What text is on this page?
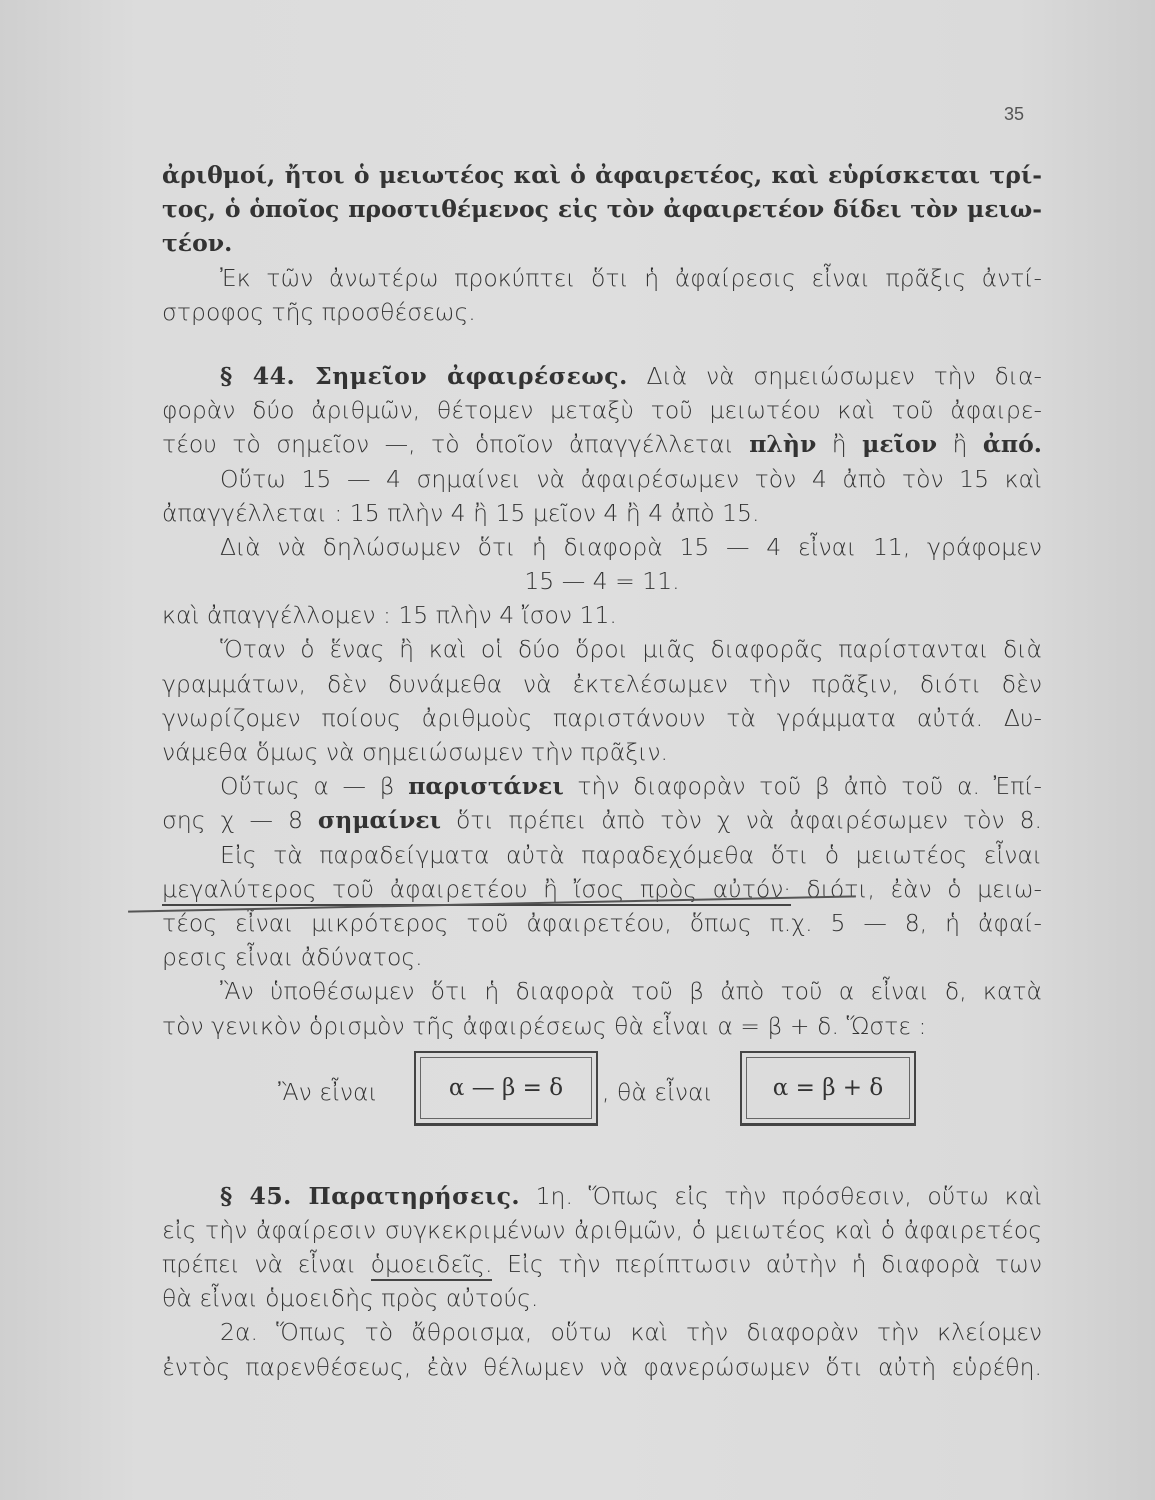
35
ἀριθμοί, ἤτοι ὁ μειωτέος καὶ ὁ ἀφαιρετέος, καὶ εὑρίσκεται τρί-
τος, ὁ ὁποῖος προστιθέμενος εἰς τὸν ἀφαιρετέον δίδει τὸν μειω-
τέον.
Ἐκ τῶν ἀνωτέρω προκύπτει ὅτι ἡ ἀφαίρεσις εἶναι πρᾶξις ἀντί-
στροφος τῆς προσθέσεως.
§ 44. Σημεῖον ἀφαιρέσεως. Διὰ νὰ σημειώσωμεν τὴν δια-
φορὰν δύο ἀριθμῶν, θέτομεν μεταξὺ τοῦ μειωτέου καὶ τοῦ ἀφαιρε-
τέου τὸ σημεῖον —, τὸ ὁποῖον ἀπαγγέλλεται πλὴν ἢ μεῖον ἢ ἀπό.
Οὕτω 15 — 4 σημαίνει νὰ ἀφαιρέσωμεν τὸν 4 ἀπὸ τὸν 15 καὶ
ἀπαγγέλλεται : 15 πλὴν 4 ἢ 15 μεῖον 4 ἢ 4 ἀπὸ 15.
Διὰ νὰ δηλώσωμεν ὅτι ἡ διαφορὰ 15 — 4 εἶναι 11, γράφομεν
15 — 4 = 11.
καὶ ἀπαγγέλλομεν : 15 πλὴν 4 ἴσον 11.
Ὅταν ὁ ἕνας ἢ καὶ οἱ δύο ὅροι μιᾶς διαφορᾶς παρίστανται διὰ
γραμμάτων, δὲν δυνάμεθα νὰ ἐκτελέσωμεν τὴν πρᾶξιν, διότι δὲν
γνωρίζομεν ποίους ἀριθμοὺς παριστάνουν τὰ γράμματα αὐτά. Δυ-
νάμεθα ὅμως νὰ σημειώσωμεν τὴν πρᾶξιν.
Οὕτως α — β παριστάνει τὴν διαφορὰν τοῦ β ἀπὸ τοῦ α. Ἐπί-
σης χ — 8 σημαίνει ὅτι πρέπει ἀπὸ τὸν χ νὰ ἀφαιρέσωμεν τὸν 8.
Εἰς τὰ παραδείγματα αὐτὰ παραδεχόμεθα ὅτι ὁ μειωτέος εἶναι
μεγαλύτερος τοῦ ἀφαιρετέου ἢ ἴσος πρὸς αὐτόν· διότι, ἐὰν ὁ μειω-
τέος εἶναι μικρότερος τοῦ ἀφαιρετέου, ὅπως π.χ. 5 — 8, ἡ ἀφαί-
ρεσις εἶναι ἀδύνατος.
Ἂν ὑποθέσωμεν ὅτι ἡ διαφορὰ τοῦ β ἀπὸ τοῦ α εἶναι δ, κατὰ
τὸν γενικὸν ὁρισμὸν τῆς ἀφαιρέσεως θὰ εἶναι α = β + δ. Ὥστε :
Ἂν εἶναι	α — β = δ , θὰ εἶναι	α = β + δ
§ 45. Παρατηρήσεις. 1η. Ὅπως εἰς τὴν πρόσθεσιν, οὕτω καὶ
εἰς τὴν ἀφαίρεσιν συγκεκριμένων ἀριθμῶν, ὁ μειωτέος καὶ ὁ ἀφαιρετέος
πρέπει νὰ εἶναι ὁμοειδεῖς. Εἰς τὴν περίπτωσιν αὐτὴν ἡ διαφορὰ των
θὰ εἶναι ὁμοειδὴς πρὸς αὐτούς.
2α. Ὅπως τὸ ἄθροισμα, οὕτω καὶ τὴν διαφορὰν τὴν κλείομεν
ἐντὸς παρενθέσεως, ἐὰν θέλωμεν νὰ φανερώσωμεν ὅτι αὐτὴ εὑρέθη.
